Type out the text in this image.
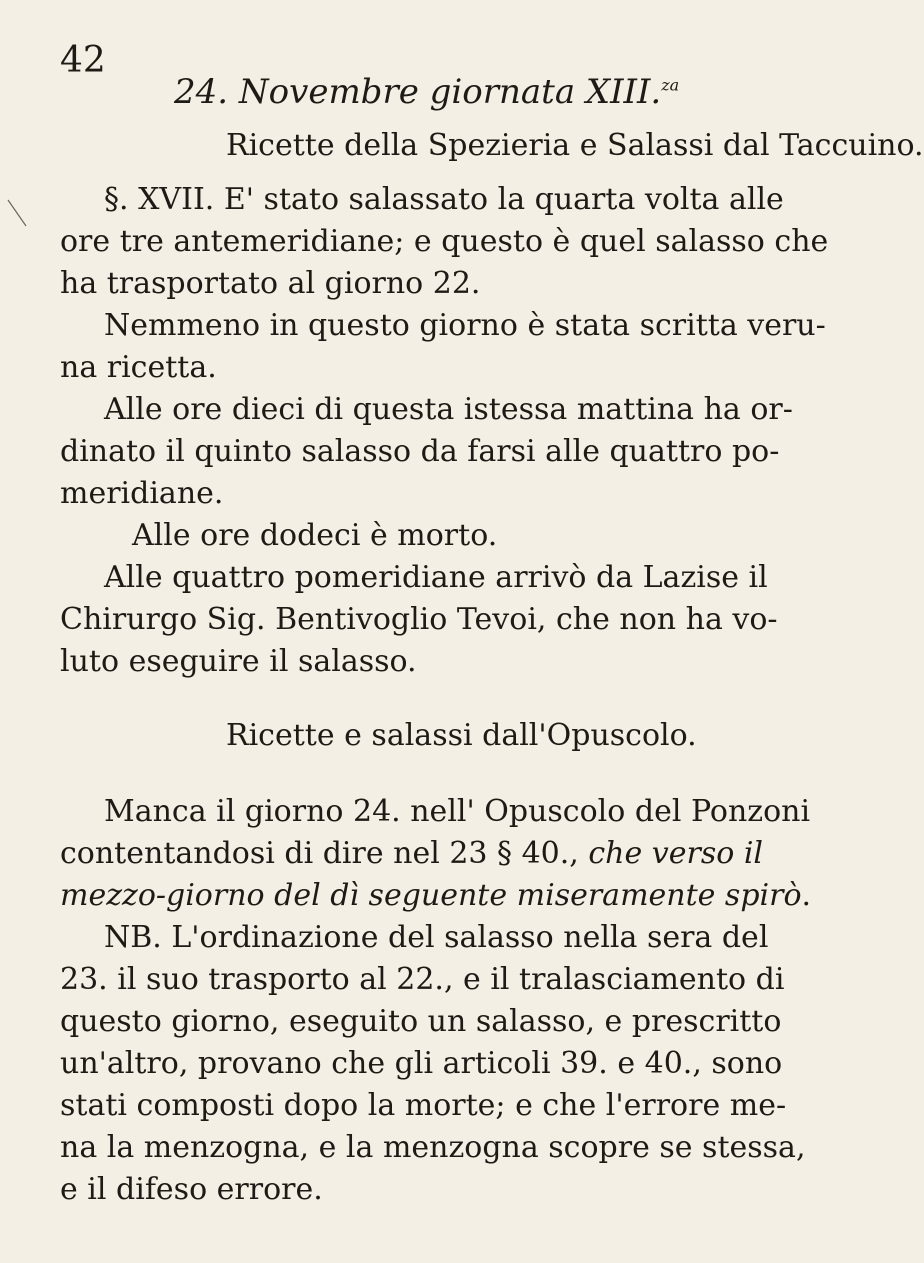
42
24. Novembre giornata XIII.$^{za}$
Ricette della Spezieria e Salassi dal Taccuino.
§. XVII. E' stato salassato la quarta volta alle
ore tre antemeridiane; e questo è quel salasso che
ha trasportato al giorno 22.
Nemmeno in questo giorno è stata scritta veru-
na ricetta.
Alle ore dieci di questa istessa mattina ha or-
dinato il quinto salasso da farsi alle quattro po-
meridiane.
Alle ore dodeci è morto.
Alle quattro pomeridiane arrivò da Lazise il
Chirurgo Sig. Bentivoglio Tevoi, che non ha vo-
luto eseguire il salasso.
Ricette e salassi dall'Opuscolo.
Manca il giorno 24. nell' Opuscolo del Ponzoni
contentandosi di dire nel 23 § 40., che verso il
mezzo-giorno del dì seguente miseramente spirò.
NB. L'ordinazione del salasso nella sera del
23. il suo trasporto al 22., e il tralasciamento di
questo giorno, eseguito un salasso, e prescritto
un'altro, provano che gli articoli 39. e 40., sono
stati composti dopo la morte; e che l'errore me-
na la menzogna, e la menzogna scopre se stessa,
e il difeso errore.
